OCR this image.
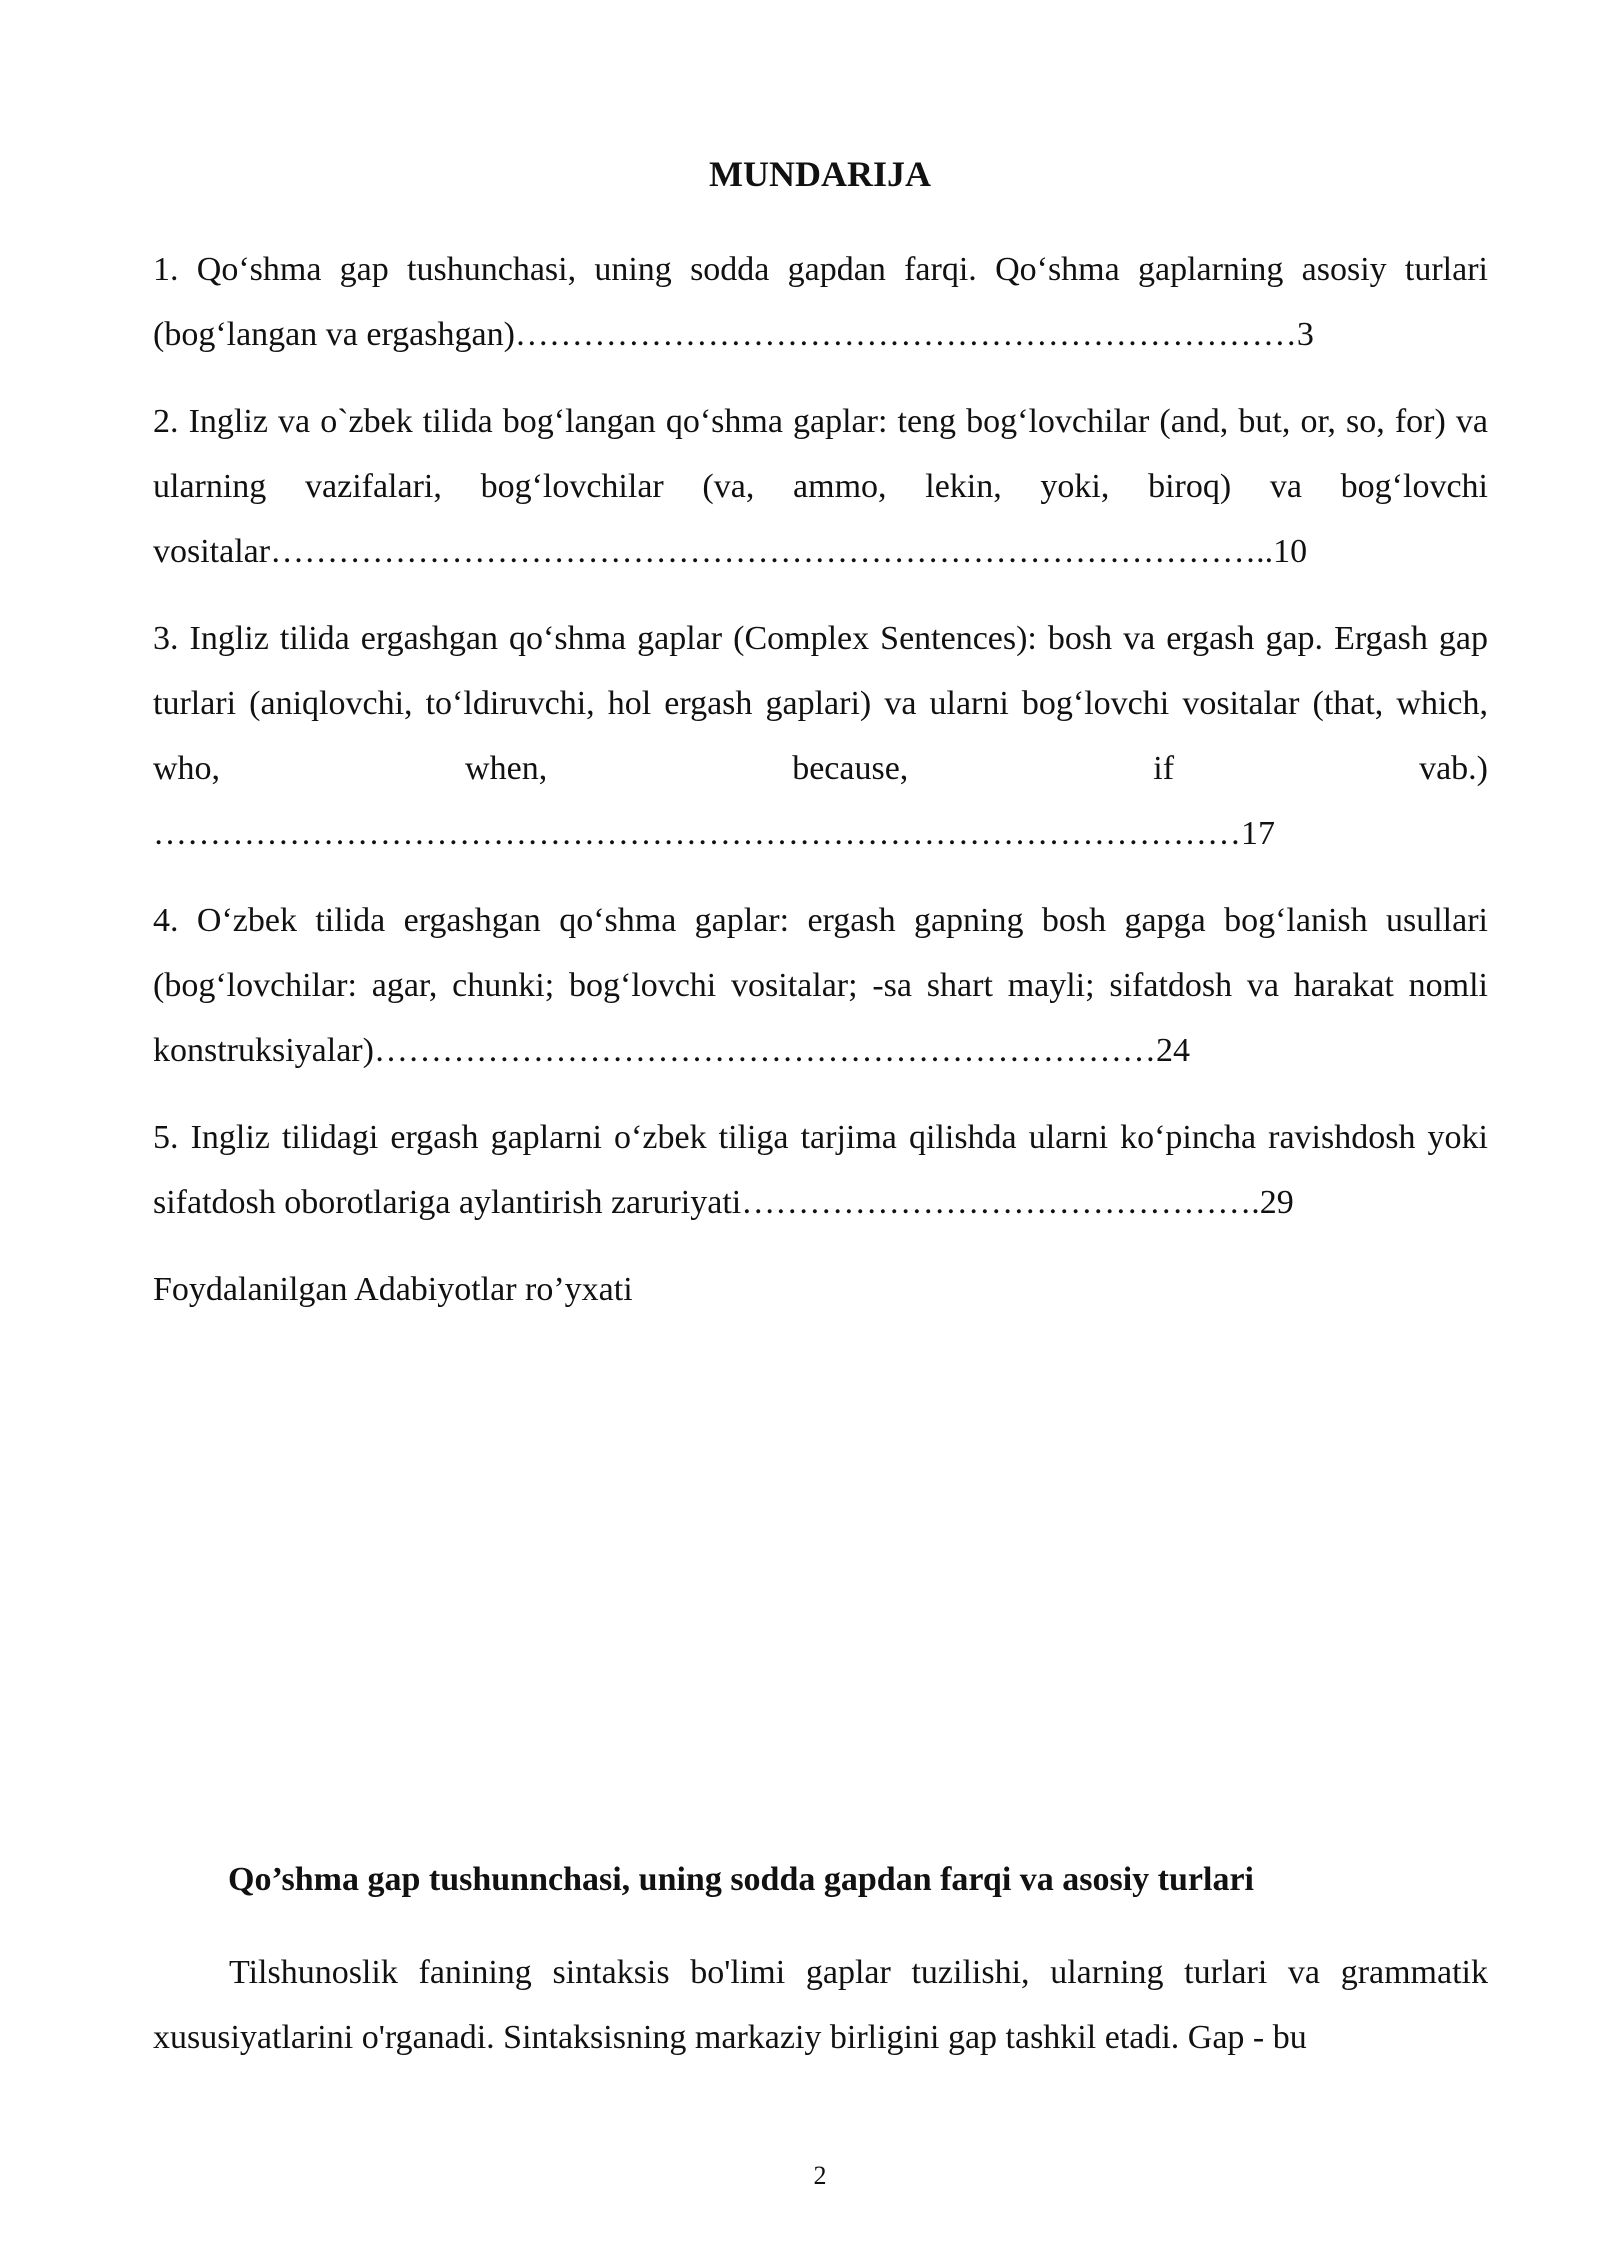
MUNDARIJA

1. Qo‘shma gap tushunchasi, uning sodda gapdan farqi. Qo‘shma gaplarning asosiy turlari (bog‘langan va ergashgan)……………………………………………………………3

2. Ingliz va o`zbek tilida bog‘langan qo‘shma gaplar: teng bog‘lovchilar (and, but, or, so, for) va ularning vazifalari, bog‘lovchilar (va, ammo, lekin, yoki, biroq) va bog‘lovchi vositalar……………………………………………………………………………..10

3. Ingliz tilida ergashgan qo‘shma gaplar (Complex Sentences): bosh va ergash gap. Ergash gap turlari (aniqlovchi, to‘ldiruvchi, hol ergash gaplari) va ularni bog‘lovchi vositalar (that, which, who, when, because, if vab.) ……………………………………………………………………………………17

4. O‘zbek tilida ergashgan qo‘shma gaplar: ergash gapning bosh gapga bog‘lanish usullari (bog‘lovchilar: agar, chunki; bog‘lovchi vositalar; -sa shart mayli; sifatdosh va harakat nomli konstruksiyalar)……………………………………………………………24

5. Ingliz tilidagi ergash gaplarni o‘zbek tiliga tarjima qilishda ularni ko‘pincha ravishdosh yoki sifatdosh oborotlariga aylantirish zaruriyati……………………………………….29

Foydalanilgan Adabiyotlar ro’yxati

Qo’shma gap tushunnchasi, uning sodda gapdan farqi va asosiy turlari

Tilshunoslik fanining sintaksis bo'limi gaplar tuzilishi, ularning turlari va grammatik xususiyatlarini o'rganadi. Sintaksisning markaziy birligini gap tashkil etadi. Gap - bu

2
